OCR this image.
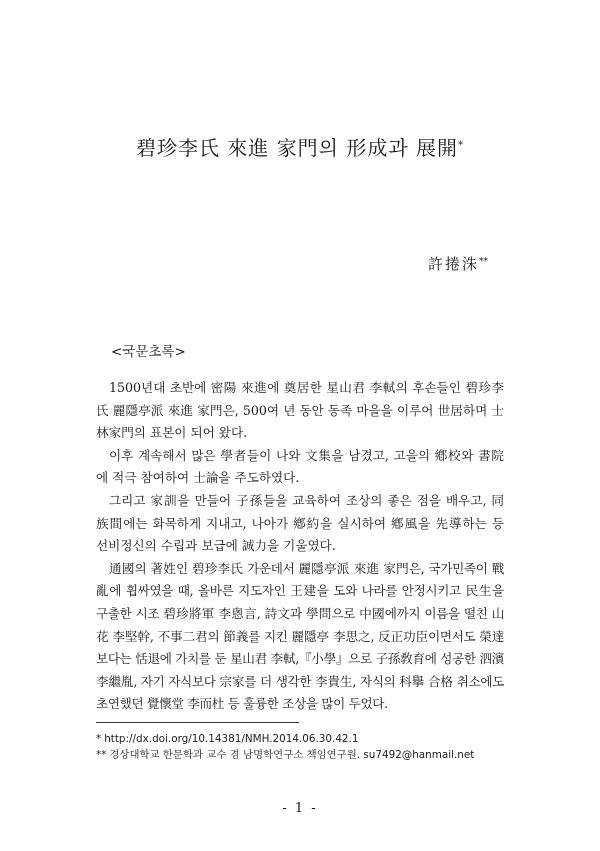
碧珍李氏 來進 家門의 形成과 展開*
許捲洙**
<국문초록>

1500년대 초반에 密陽 來進에 奠居한 星山君 李軾의 후손들인 碧珍李氏 麗隱亭派 來進 家門은, 500여 년 동안 동족 마을을 이루어 世居하며 士林家門의 표본이 되어 왔다.

이후 계속해서 많은 學者들이 나와 文集을 남겼고, 고을의 鄕校와 書院에 적극 참여하여 士論을 주도하였다.

그리고 家訓을 만들어 子孫들을 교육하여 조상의 좋은 점을 배우고, 同族間에는 화목하게 지내고, 나아가 鄕約을 실시하여 鄕風을 先導하는 등 선비정신의 수립과 보급에 誠力을 기울였다.

通國의 著姓인 碧珍李氏 가운데서 麗隱亭派 來進 家門은, 국가민족이 戰亂에 휩싸였을 때, 올바른 지도자인 王建을 도와 나라를 안정시키고 民生을 구출한 시조 碧珍將軍 李悤言, 詩文과 學問으로 中國에까지 이름을 떨친 山花 李堅幹, 不事二君의 節義를 지킨 麗隱亭 李思之, 反正功臣이면서도 榮達보다는 恬退에 가치를 둔 星山君 李軾,『小學』으로 子孫敎育에 성공한 泗濱 李繼胤, 자기 자식보다 宗家를 더 생각한 李貴生, 자식의 科擧 合格 취소에도 초연했던 覺懷堂 李而杜 등 훌륭한 조상을 많이 두었다.

* http://dx.doi.org/10.14381/NMH.2014.06.30.42.1
** 경상대학교 한문학과 교수 겸 남명학연구소 책임연구원. su7492@hanmail.net
- 1 -
